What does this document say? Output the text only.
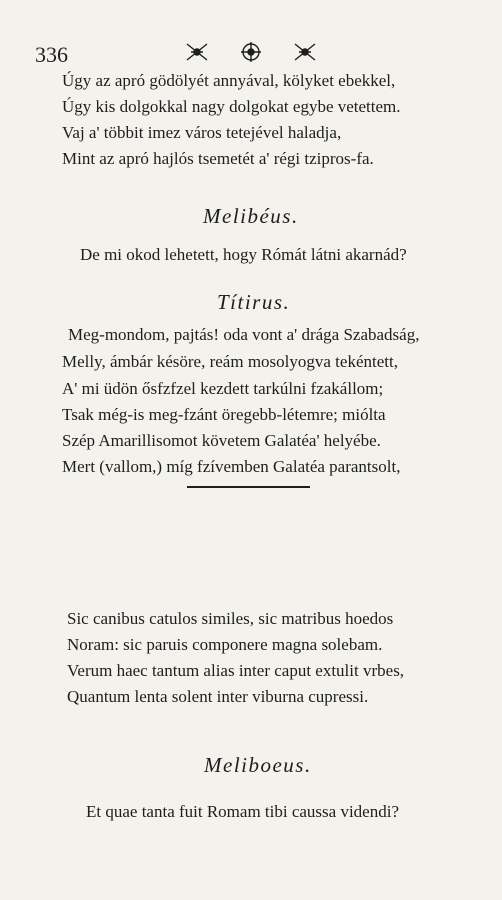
336
Úgy az apró gödölyét annyával, kölyket ebekkel,
Úgy kis dolgokkal nagy dolgokat egybe vetettem.
Vaj a' többit imez város tetejével haladja,
Mint az apró hajlós tsemetét a' régi tzipros-fa.
Melibéus.
De mi okod lehetett, hogy Rómát látni akarnád?
Títirus.
Meg-mondom, pajtás! oda vont a' drága Szabadság,
Melly, ámbár késöre, reám mosolyogva tekéntett,
A' mi üdön ősfzfzel kezdett tarkúlni fzakállom;
Tsak még-is meg-fzánt öregebb-létemre; miólta
Szép Amarillisomot követem Galatéa' helyébe.
Mert (vallom,) míg fzívemben Galatéa parantsolt,
Sic canibus catulos similes, sic matribus hoedos
Noram: sic paruis componere magna solebam.
Verum haec tantum alias inter caput extulit vrbes,
Quantum lenta solent inter viburna cupressi.
Meliboeus.
Et quae tanta fuit Romam tibi caussa videndi?
